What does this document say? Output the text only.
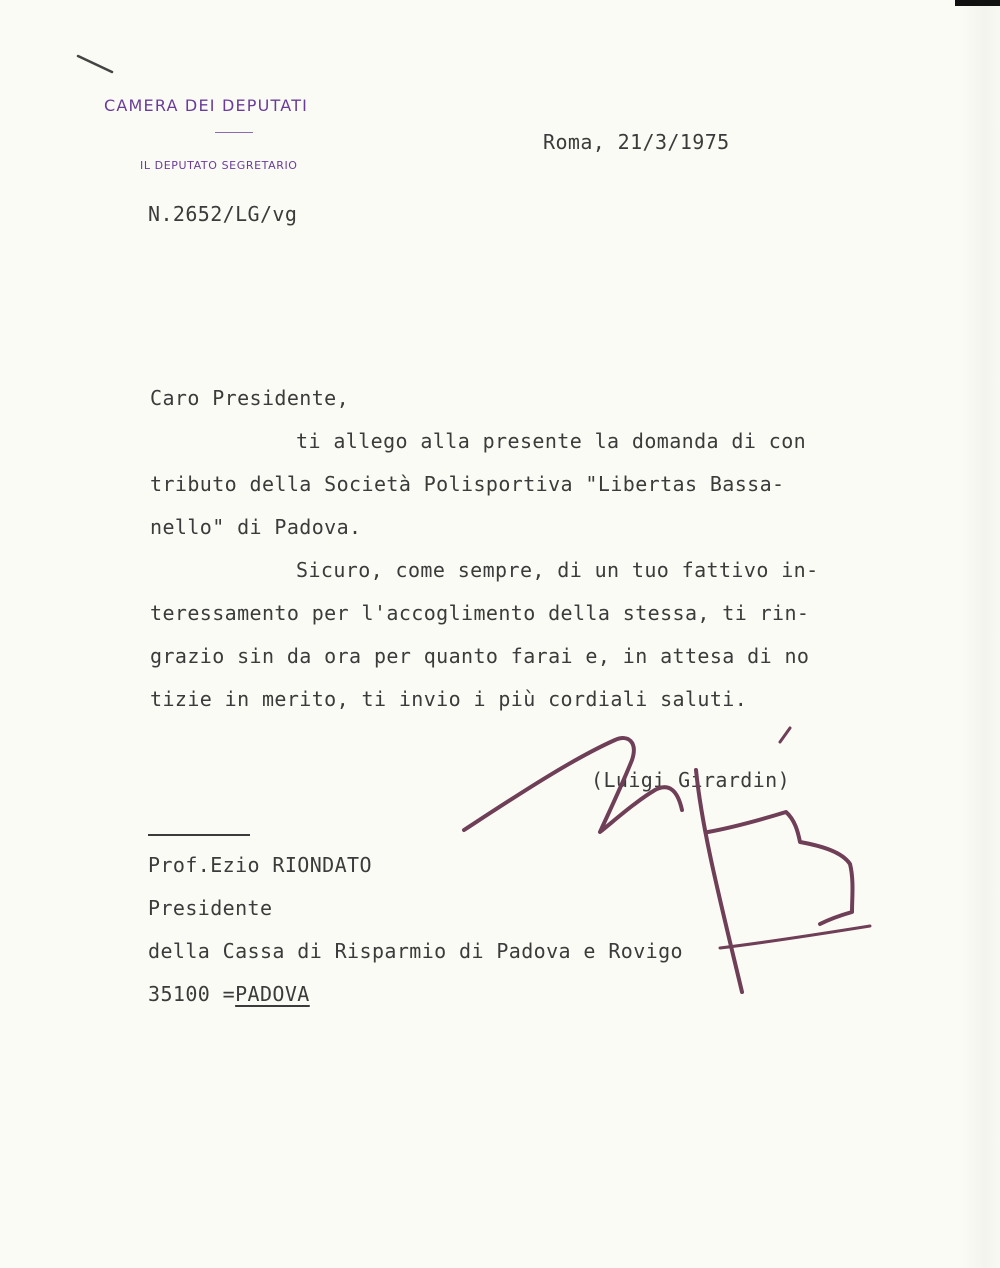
CAMERA DEI DEPUTATI
IL DEPUTATO SEGRETARIO
Roma, 21/3/1975
N.2652/LG/vg
Caro Presidente,
ti allego alla presente la domanda di con
tributo della Società Polisportiva "Libertas Bassa-
nello" di Padova.
Sicuro, come sempre, di un tuo fattivo in-
teressamento per l'accoglimento della stessa, ti rin-
grazio sin da ora per quanto farai e, in attesa di no
tizie in merito, ti invio i più cordiali saluti.
(Luigi Girardin)
Prof.Ezio RIONDATO
Presidente
della Cassa di Risparmio di Padova e Rovigo
35100 =PADOVA
